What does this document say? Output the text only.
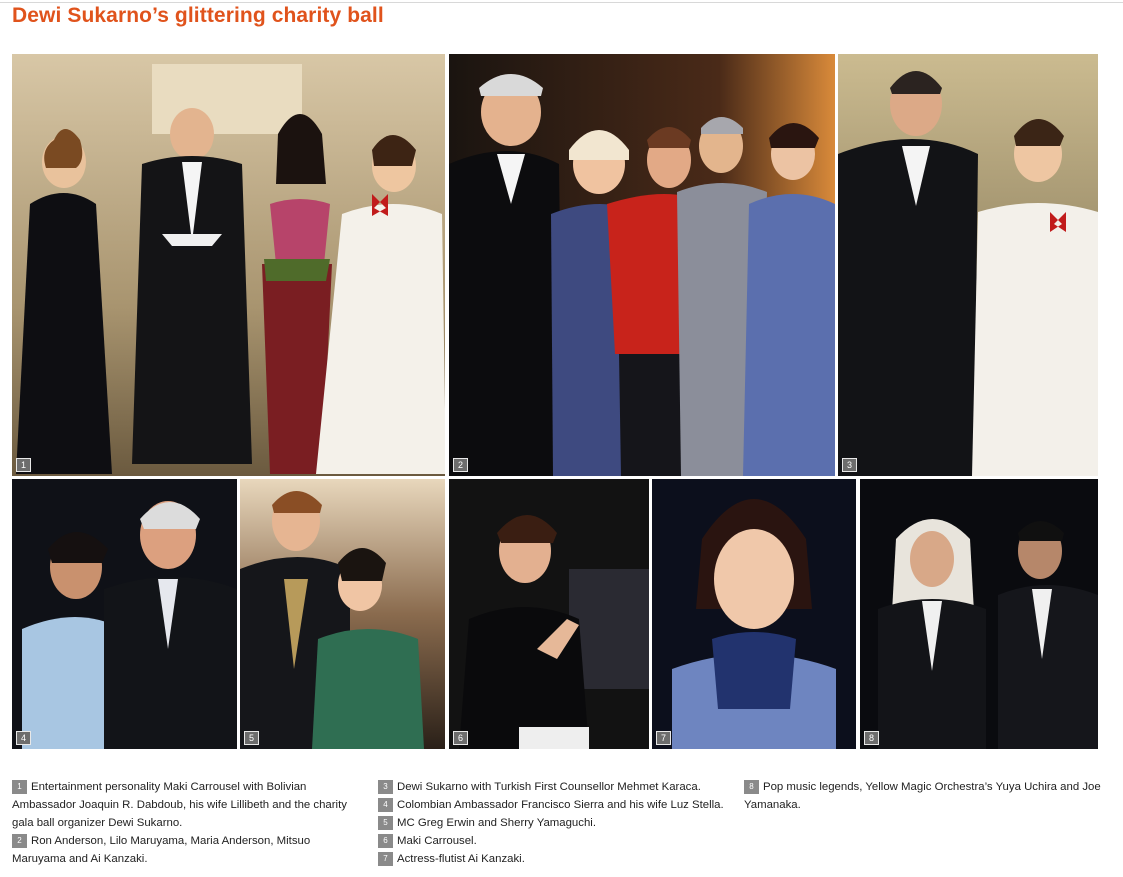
Dewi Sukarno’s glittering charity ball
1	2	3
4	5	6	7	8

1 Entertainment personality Maki Carrousel with Bolivian Ambassador Joaquin R. Dabdoub, his wife Lillibeth and the charity gala ball organizer Dewi Sukarno.

2 Ron Anderson, Lilo Maruyama, Maria Anderson, Mitsuo Maruyama and Ai Kanzaki.

3 Dewi Sukarno with Turkish First Counsellor Mehmet Karaca.

4 Colombian Ambassador Francisco Sierra and his wife Luz Stella.

5 MC Greg Erwin and Sherry Yamaguchi.

6 Maki Carrousel.

7 Actress-flutist Ai Kanzaki.

8 Pop music legends, Yellow Magic Orchestra’s Yuya Uchira and Joe Yamanaka.
